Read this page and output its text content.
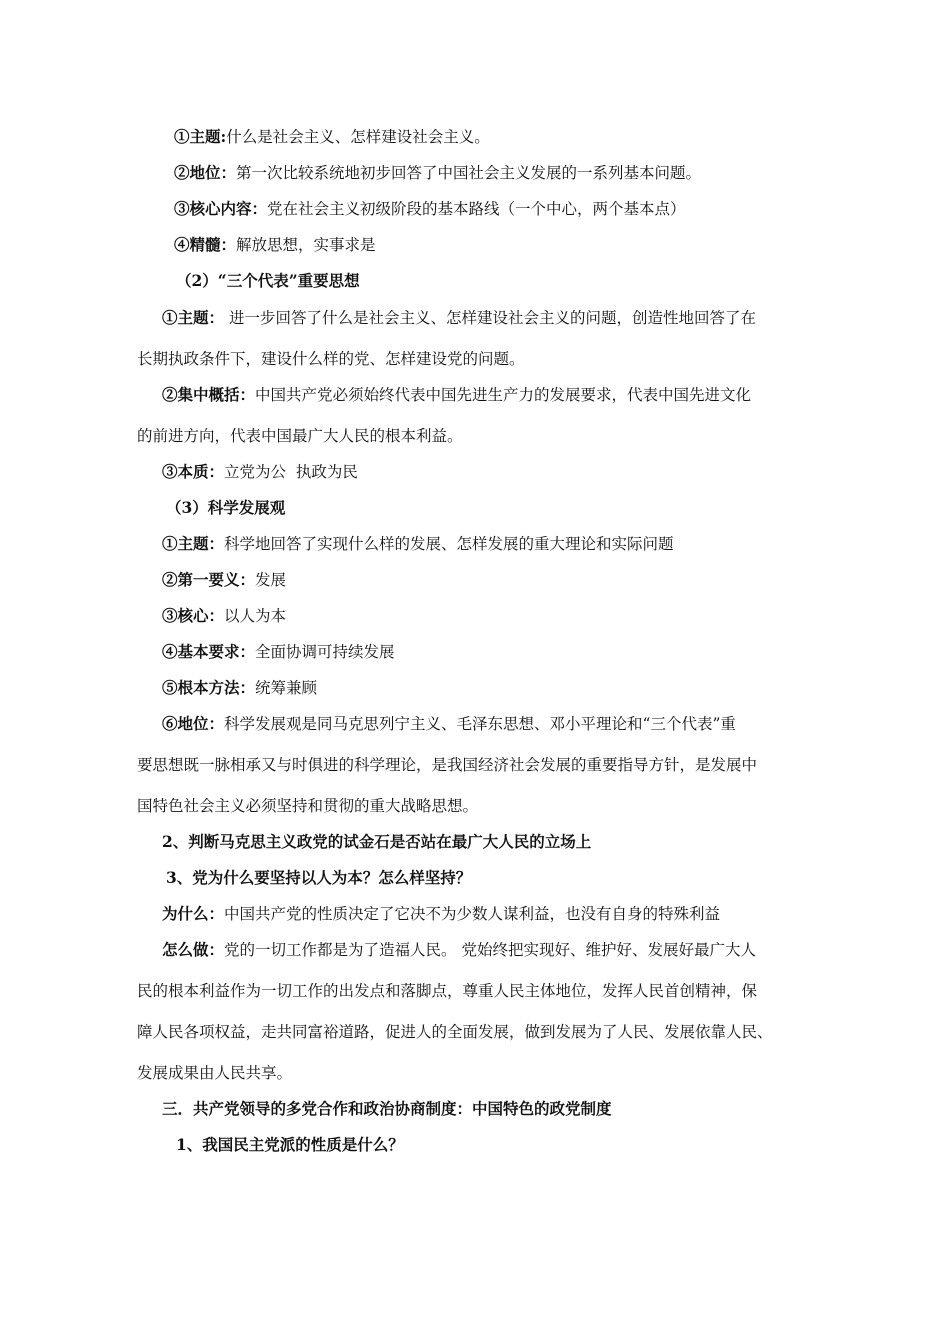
①主题:什么是社会主义、怎样建设社会主义。
②地位：第一次比较系统地初步回答了中国社会主义发展的一系列基本问题。
③核心内容：党在社会主义初级阶段的基本路线（一个中心，两个基本点）
④精髓：解放思想，实事求是
（2）“三个代表”重要思想
①主题： 进一步回答了什么是社会主义、怎样建设社会主义的问题，创造性地回答了在
长期执政条件下，建设什么样的党、怎样建设党的问题。
②集中概括：中国共产党必须始终代表中国先进生产力的发展要求，代表中国先进文化
的前进方向，代表中国最广大人民的根本利益。
③本质：立党为公  执政为民
（3）科学发展观
①主题：科学地回答了实现什么样的发展、怎样发展的重大理论和实际问题
②第一要义：发展
③核心：以人为本
④基本要求：全面协调可持续发展
⑤根本方法：统筹兼顾
⑥地位：科学发展观是同马克思列宁主义、毛泽东思想、邓小平理论和“三个代表”重
要思想既一脉相承又与时俱进的科学理论，是我国经济社会发展的重要指导方针，是发展中
国特色社会主义必须坚持和贯彻的重大战略思想。
2、判断马克思主义政党的试金石是否站在最广大人民的立场上
3、党为什么要坚持以人为本？怎么样坚持？
为什么：中国共产党的性质决定了它决不为少数人谋利益，也没有自身的特殊利益
怎么做：党的一切工作都是为了造福人民。 党始终把实现好、维护好、发展好最广大人
民的根本利益作为一切工作的出发点和落脚点，尊重人民主体地位，发挥人民首创精神，保
障人民各项权益，走共同富裕道路，促进人的全面发展，做到发展为了人民、发展依靠人民、
发展成果由人民共享。
三．共产党领导的多党合作和政治协商制度：中国特色的政党制度
1、我国民主党派的性质是什么？
